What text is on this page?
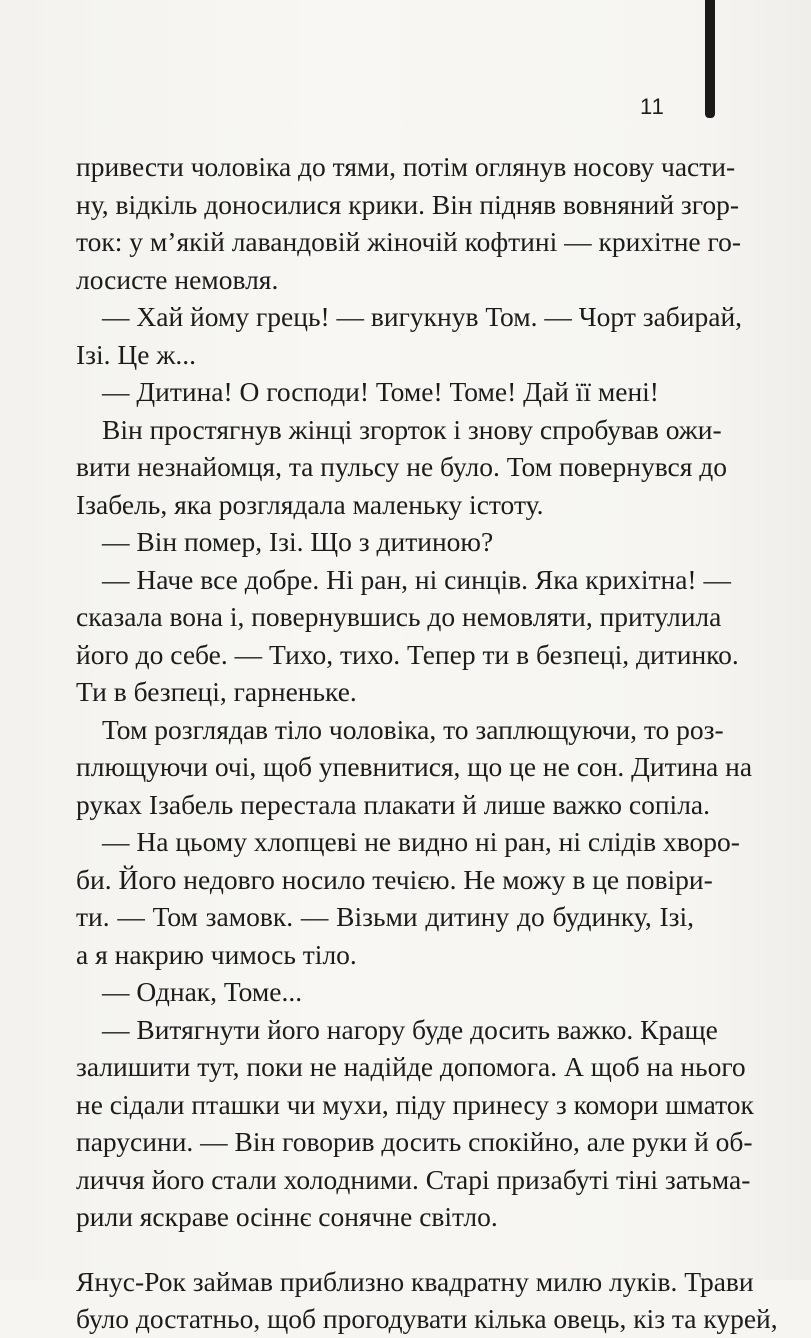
11
привести чоловіка до тями, потім оглянув носову части-
ну, відкіль доносилися крики. Він підняв вовняний згор-
ток: у м’якій лавандовій жіночій кофтині — крихітне го-
лосисте немовля.
— Хай йому грець! — вигукнув Том. — Чорт забирай,
Ізі. Це ж...
— Дитина! О господи! Томе! Томе! Дай її мені!
Він простягнув жінці згорток і знову спробував ожи-
вити незнайомця, та пульсу не було. Том повернувся до
Ізабель, яка розглядала маленьку істоту.
— Він помер, Ізі. Що з дитиною?
— Наче все добре. Ні ран, ні синців. Яка крихітна! —
сказала вона і, повернувшись до немовляти, притулила
його до себе. — Тихо, тихо. Тепер ти в безпеці, дитинко.
Ти в безпеці, гарненьке.
Том розглядав тіло чоловіка, то заплющуючи, то роз-
плющуючи очі, щоб упевнитися, що це не сон. Дитина на
руках Ізабель перестала плакати й лише важко сопіла.
— На цьому хлопцеві не видно ні ран, ні слідів хворо-
би. Його недовго носило течією. Не можу в це повіри-
ти. — Том замовк. — Візьми дитину до будинку, Ізі,
а я накрию чимось тіло.
— Однак, Томе...
— Витягнути його нагору буде досить важко. Краще
залишити тут, поки не надійде допомога. А щоб на нього
не сідали пташки чи мухи, піду принесу з комори шматок
парусини. — Він говорив досить спокійно, але руки й об-
личчя його стали холодними. Старі призабуті тіні затьма-
рили яскраве осіннє сонячне світло.
Янус-Рок займав приблизно квадратну милю луків. Трави
було достатньо, щоб прогодувати кілька овець, кіз та курей,
